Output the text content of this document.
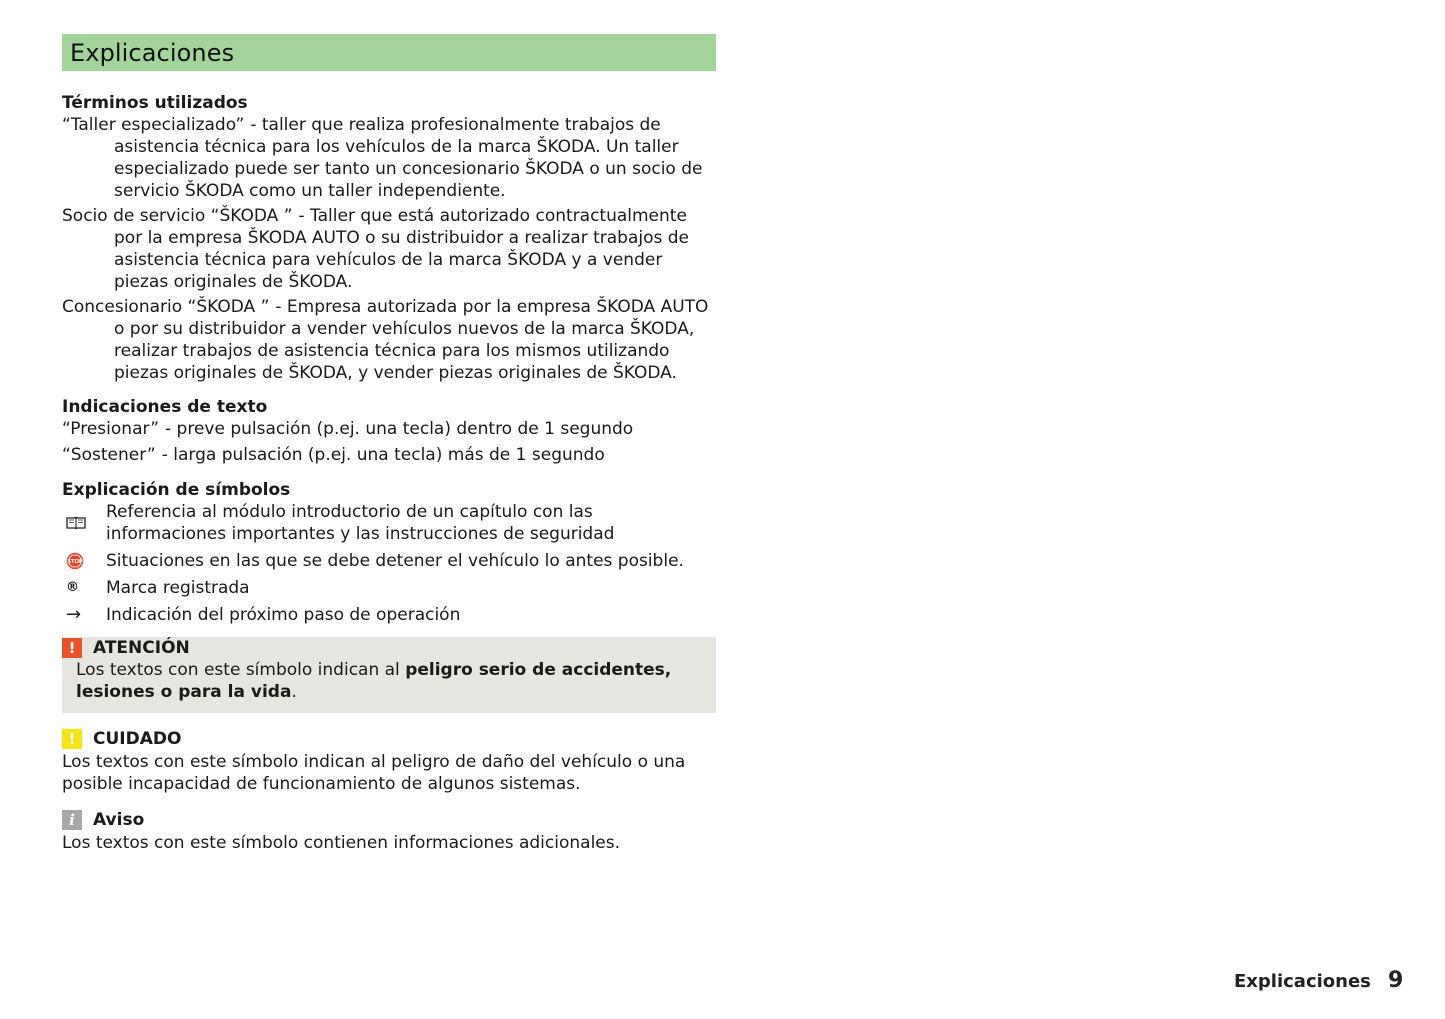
Explicaciones

Términos utilizados

“Taller especializado” - taller que realiza profesionalmente trabajos de asistencia técnica para los vehículos de la marca ŠKODA. Un taller especializado puede ser tanto un concesionario ŠKODA o un socio de servicio ŠKODA como un taller independiente.

Socio de servicio “ŠKODA ” - Taller que está autorizado contractualmente por la empresa ŠKODA AUTO o su distribuidor a realizar trabajos de asistencia técnica para vehículos de la marca ŠKODA y a vender piezas originales de ŠKODA.

Concesionario “ŠKODA ” - Empresa autorizada por la empresa ŠKODA AUTO o por su distribuidor a vender vehículos nuevos de la marca ŠKODA, realizar trabajos de asistencia técnica para los mismos utilizando piezas originales de ŠKODA, y vender piezas originales de ŠKODA.

Indicaciones de texto

“Presionar” - preve pulsación (p.ej. una tecla) dentro de 1 segundo

“Sostener” - larga pulsación (p.ej. una tecla) más de 1 segundo

Explicación de símbolos

Referencia al módulo introductorio de un capítulo con las informaciones importantes y las instrucciones de seguridad
STOP Situaciones en las que se debe detener el vehículo lo antes posible.
®	Marca registrada
→	Indicación del próximo paso de operación
!	ATENCIÓN

Los textos con este símbolo indican al peligro serio de accidentes, lesiones o para la vida.

!	CUIDADO

Los textos con este símbolo indican al peligro de daño del vehículo o una posible incapacidad de funcionamiento de algunos sistemas.

i	Aviso

Los textos con este símbolo contienen informaciones adicionales.

Explicaciones 9
